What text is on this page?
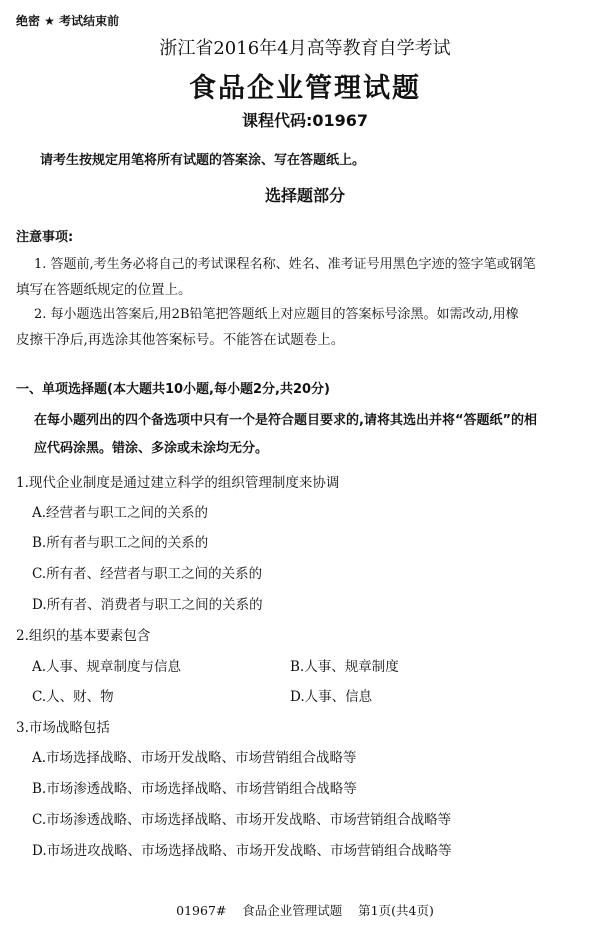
绝密 ★ 考试结束前
浙江省2016年4月高等教育自学考试
食品企业管理试题
课程代码:01967
请考生按规定用笔将所有试题的答案涂、写在答题纸上。
选择题部分
注意事项:
1. 答题前,考生务必将自己的考试课程名称、姓名、准考证号用黑色字迹的签字笔或钢笔
填写在答题纸规定的位置上。
2. 每小题选出答案后,用2B铅笔把答题纸上对应题目的答案标号涂黑。如需改动,用橡
皮擦干净后,再选涂其他答案标号。不能答在试题卷上。
一、单项选择题(本大题共10小题,每小题2分,共20分)
在每小题列出的四个备选项中只有一个是符合题目要求的,请将其选出并将“答题纸”的相
应代码涂黑。错涂、多涂或未涂均无分。
1.现代企业制度是通过建立科学的组织管理制度来协调
A.经营者与职工之间的关系的
B.所有者与职工之间的关系的
C.所有者、经营者与职工之间的关系的
D.所有者、消费者与职工之间的关系的
2.组织的基本要素包含
A.人事、规章制度与信息	B.人事、规章制度
C.人、财、物	D.人事、信息
3.市场战略包括
A.市场选择战略、市场开发战略、市场营销组合战略等
B.市场渗透战略、市场选择战略、市场营销组合战略等
C.市场渗透战略、市场选择战略、市场开发战略、市场营销组合战略等
D.市场进攻战略、市场选择战略、市场开发战略、市场营销组合战略等
01967#    食品企业管理试题    第1页(共4页)
